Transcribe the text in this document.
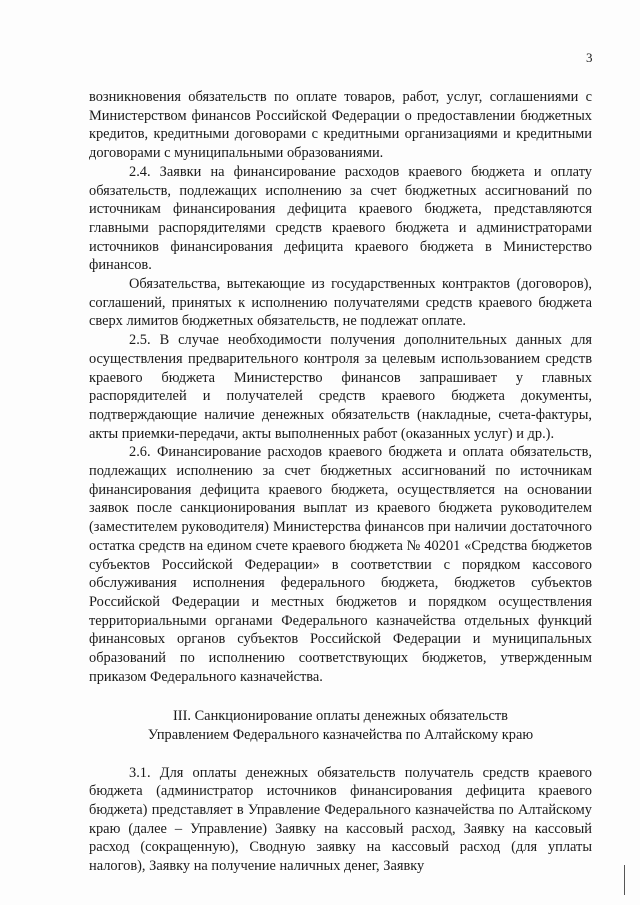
3

возникновения обязательств по оплате товаров, работ, услуг, соглашениями с Министерством финансов Российской Федерации о предоставлении бюджетных кредитов, кредитными договорами с кредитными организациями и кредитными договорами с муниципальными образованиями.

2.4. Заявки на финансирование расходов краевого бюджета и оплату обязательств, подлежащих исполнению за счет бюджетных ассигнований по источникам финансирования дефицита краевого бюджета, представляются главными распорядителями средств краевого бюджета и администраторами источников финансирования дефицита краевого бюджета в Министерство финансов.

Обязательства, вытекающие из государственных контрактов (договоров), соглашений, принятых к исполнению получателями средств краевого бюджета сверх лимитов бюджетных обязательств, не подлежат оплате.

2.5. В случае необходимости получения дополнительных данных для осуществления предварительного контроля за целевым использованием средств краевого бюджета Министерство финансов запрашивает у главных распорядителей и получателей средств краевого бюджета документы, подтверждающие наличие денежных обязательств (накладные, счета-фактуры, акты приемки-передачи, акты выполненных работ (оказанных услуг) и др.).

2.6. Финансирование расходов краевого бюджета и оплата обязательств, подлежащих исполнению за счет бюджетных ассигнований по источникам финансирования дефицита краевого бюджета, осуществляется на основании заявок после санкционирования выплат из краевого бюджета руководителем (заместителем руководителя) Министерства финансов при наличии достаточного остатка средств на едином счете краевого бюджета № 40201 «Средства бюджетов субъектов Российской Федерации» в соответствии с порядком кассового обслуживания исполнения федерального бюджета, бюджетов субъектов Российской Федерации и местных бюджетов и порядком осуществления территориальными органами Федерального казначейства отдельных функций финансовых органов субъектов Российской Федерации и муниципальных образований по исполнению соответствующих бюджетов, утвержденным приказом Федерального казначейства.

III. Санкционирование оплаты денежных обязательств
Управлением Федерального казначейства по Алтайскому краю

3.1. Для оплаты денежных обязательств получатель средств краевого бюджета (администратор источников финансирования дефицита краевого бюджета) представляет в Управление Федерального казначейства по Алтайскому краю (далее – Управление) Заявку на кассовый расход, Заявку на кассовый расход (сокращенную), Сводную заявку на кассовый расход (для уплаты налогов), Заявку на получение наличных денег, Заявку
